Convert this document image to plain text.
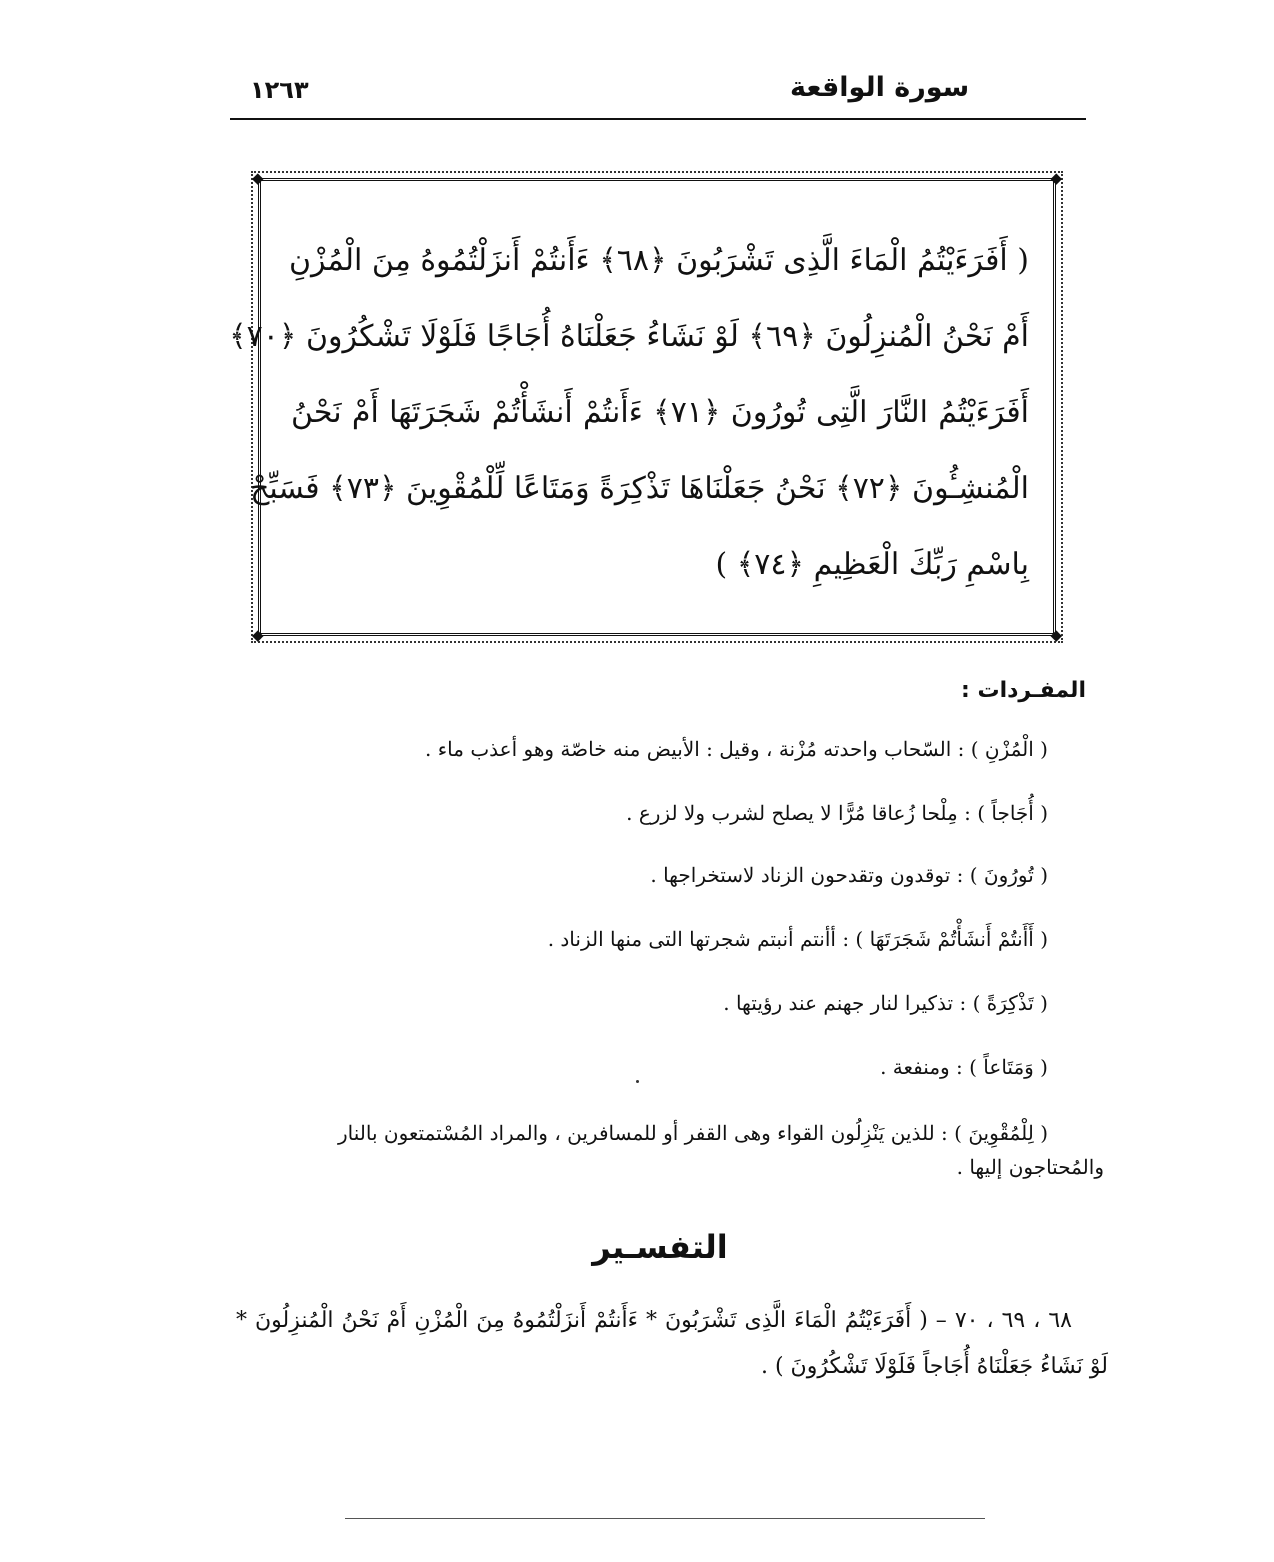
١٢٦٣	سورة الواقعة
◆	◆
◆	◆
( أَفَرَءَيْتُمُ الْمَاءَ الَّذِى تَشْرَبُونَ ﴿٦٨﴾ ءَأَنتُمْ أَنزَلْتُمُوهُ مِنَ الْمُزْنِ
أَمْ نَحْنُ الْمُنزِلُونَ ﴿٦٩﴾ لَوْ نَشَاءُ جَعَلْنَاهُ أُجَاجًا فَلَوْلَا تَشْكُرُونَ ﴿٧٠﴾
أَفَرَءَيْتُمُ النَّارَ الَّتِى تُورُونَ ﴿٧١﴾ ءَأَنتُمْ أَنشَأْتُمْ شَجَرَتَهَا أَمْ نَحْنُ
الْمُنشِـُٔونَ ﴿٧٢﴾ نَحْنُ جَعَلْنَاهَا تَذْكِرَةً وَمَتَاعًا لِّلْمُقْوِينَ ﴿٧٣﴾ فَسَبِّحْ
بِاسْمِ رَبِّكَ الْعَظِيمِ ﴿٧٤﴾ )
المفـردات :
( الْمُزْنِ ) : السّحاب واحدته مُزْنة ، وقيل : الأبيض منه خاصّة وهو أعذب ماء .
( أُجَاجاً ) : مِلْحا زُعاقا مُرًّا لا يصلح لشرب ولا لزرع .
( تُورُونَ ) : توقدون وتقدحون الزناد لاستخراجها .
( أَأَنتُمْ أَنشَأْتُمْ شَجَرَتَهَا ) : أأنتم أنبتم شجرتها التى منها الزناد .
( تَذْكِرَةً ) : تذكيرا لنار جهنم عند رؤيتها .
( وَمَتَاعاً ) : ومنفعة .
( لِلْمُقْوِينَ ) : للذين يَنْزِلُون القواء وهى القفر أو للمسافرين ، والمراد المُسْتمتعون بالنار والمُحتاجون إليها .
التفسـير
٦٨ ، ٦٩ ، ٧٠ – ( أَفَرَءَيْتُمُ الْمَاءَ الَّذِى تَشْرَبُونَ * ءَأَنتُمْ أَنزَلْتُمُوهُ مِنَ الْمُزْنِ أَمْ نَحْنُ الْمُنزِلُونَ * لَوْ نَشَاءُ جَعَلْنَاهُ أُجَاجاً فَلَوْلَا تَشْكُرُونَ ) .
